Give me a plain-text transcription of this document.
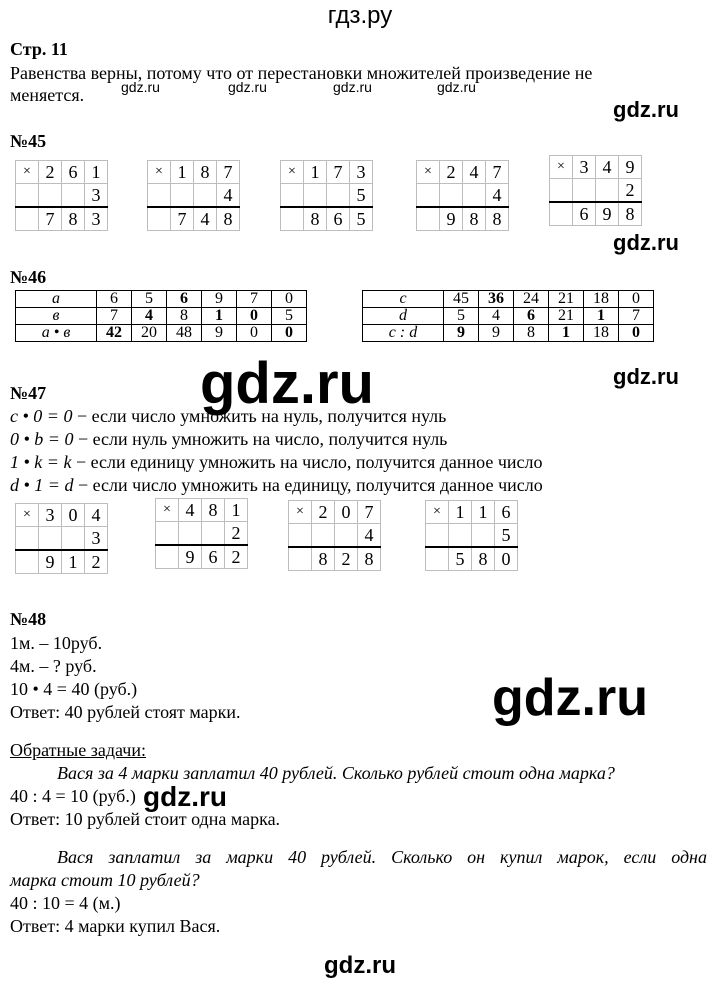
гдз.ру
Стр. 11
Равенства верны, потому что от перестановки множителей произведение не
меняется.	gdz.ru	gdz.ru	gdz.ru	gdz.ru
gdz.ru
№45
×	2	6	1
			3
	7	8	3
×	1	8	7
			4
	7	4	8
×	1	7	3
			5
	8	6	5
×	2	4	7
			4
	9	8	8
×	3	4	9
			2
	6	9	8
gdz.ru
№46
а	6	5	6	9	7	0
в	7	4	8	1	0	5
а • в	42	20	48	9	0	0
с	45	36	24	21	18	0
d	5	4	6	21	1	7
с : d	9	9	8	1	18	0
gdz.ru	gdz.ru
№47
c • 0 = 0 − если число умножить на нуль, получится нуль
0 • b = 0 − если нуль умножить на число, получится нуль
1 • k = k − если единицу умножить на число, получится данное число
d • 1 = d − если число умножить на единицу, получится данное число
×	3	0	4
			3
	9	1	2
×	4	8	1
			2
	9	6	2
×	2	0	7
			4
	8	2	8
×	1	1	6
			5
	5	8	0
№48
1м. – 10руб.
4м. – ? руб.
10 • 4 = 40 (руб.)
Ответ: 40 рублей стоят марки.	gdz.ru
Обратные задачи:
Вася за 4 марки заплатил 40 рублей. Сколько рублей стоит одна марка?
40 : 4 = 10 (руб.) gdz.ru
Ответ: 10 рублей стоит одна марка.
Вася заплатил за марки 40 рублей. Сколько он купил марок, если одна
марка стоит 10 рублей?
40 : 10 = 4 (м.)
Ответ: 4 марки купил Вася.
gdz.ru
